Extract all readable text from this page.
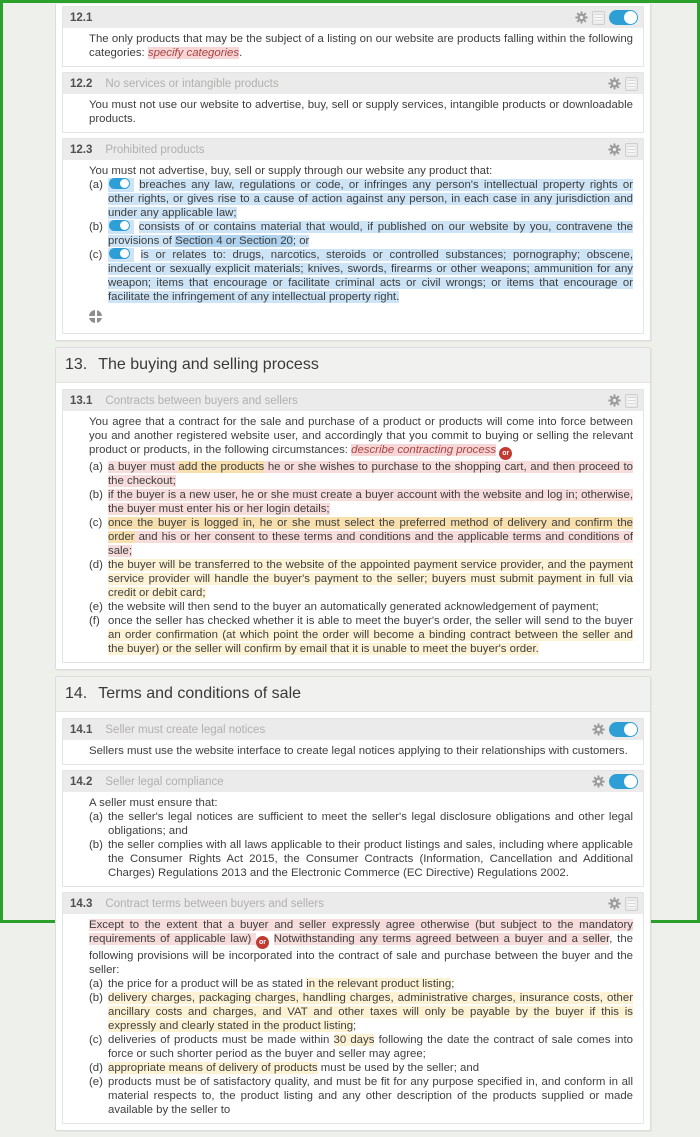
12.1

The only products that may be the subject of a listing on our website are products falling within the following categories: specify categories.

12.2 No services or intangible products

You must not use our website to advertise, buy, sell or supply services, intangible products or downloadable products.

12.3 Prohibited products

You must not advertise, buy, sell or supply through our website any product that:

(a)	breaches any law, regulations or code, or infringes any person's intellectual property rights or other rights, or gives rise to a cause of action against any person, in each case in any jurisdiction and under any applicable law;
(b)	consists of or contains material that would, if published on our website by you, contravene the provisions of Section 4 or Section 20; or
(c)	is or relates to: drugs, narcotics, steroids or controlled substances; pornography; obscene, indecent or sexually explicit materials; knives, swords, firearms or other weapons; ammunition for any weapon; items that encourage or facilitate criminal acts or civil wrongs; or items that encourage or facilitate the infringement of any intellectual property right.
13. The buying and selling process
13.1 Contracts between buyers and sellers

You agree that a contract for the sale and purchase of a product or products will come into force between you and another registered website user, and accordingly that you commit to buying or selling the relevant product or products, in the following circumstances: describe contracting process or

(a) a buyer must add the products he or she wishes to purchase to the shopping cart, and then proceed to the checkout;
(b) if the buyer is a new user, he or she must create a buyer account with the website and log in; otherwise, the buyer must enter his or her login details;
(c) once the buyer is logged in, he or she must select the preferred method of delivery and confirm the order and his or her consent to these terms and conditions and the applicable terms and conditions of sale;
(d) the buyer will be transferred to the website of the appointed payment service provider, and the payment service provider will handle the buyer's payment to the seller; buyers must submit payment in full via credit or debit card;
(e) the website will then send to the buyer an automatically generated acknowledgement of payment;
(f) once the seller has checked whether it is able to meet the buyer's order, the seller will send to the buyer an order confirmation (at which point the order will become a binding contract between the seller and the buyer) or the seller will confirm by email that it is unable to meet the buyer's order.
14. Terms and conditions of sale
14.1 Seller must create legal notices

Sellers must use the website interface to create legal notices applying to their relationships with customers.

14.2 Seller legal compliance

A seller must ensure that:

(a) the seller's legal notices are sufficient to meet the seller's legal disclosure obligations and other legal obligations; and
(b) the seller complies with all laws applicable to their product listings and sales, including where applicable the Consumer Rights Act 2015, the Consumer Contracts (Information, Cancellation and Additional Charges) Regulations 2013 and the Electronic Commerce (EC Directive) Regulations 2002.
14.3 Contract terms between buyers and sellers

Except to the extent that a buyer and seller expressly agree otherwise (but subject to the mandatory requirements of applicable law) or Notwithstanding any terms agreed between a buyer and a seller, the following provisions will be incorporated into the contract of sale and purchase between the buyer and the seller:

(a) the price for a product will be as stated in the relevant product listing;
(b) delivery charges, packaging charges, handling charges, administrative charges, insurance costs, other ancillary costs and charges, and VAT and other taxes will only be payable by the buyer if this is expressly and clearly stated in the product listing;
(c) deliveries of products must be made within 30 days following the date the contract of sale comes into force or such shorter period as the buyer and seller may agree;
(d) appropriate means of delivery of products must be used by the seller; and
(e) products must be of satisfactory quality, and must be fit for any purpose specified in, and conform in all material respects to, the product listing and any other description of the products supplied or made available by the seller to
